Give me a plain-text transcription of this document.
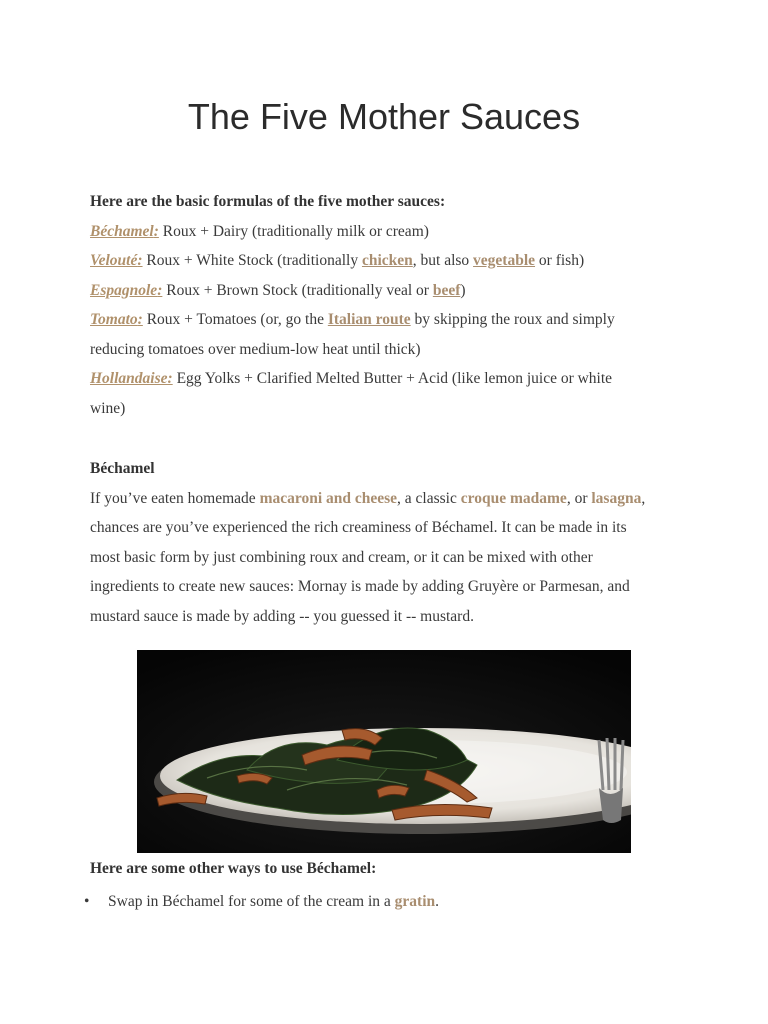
The Five Mother Sauces

Here are the basic formulas of the five mother sauces:

Béchamel: Roux + Dairy (traditionally milk or cream)

Velouté: Roux + White Stock (traditionally chicken, but also vegetable or fish)

Espagnole: Roux + Brown Stock (traditionally veal or beef)

Tomato: Roux + Tomatoes (or, go the Italian route by skipping the roux and simply

reducing tomatoes over medium-low heat until thick)

Hollandaise: Egg Yolks + Clarified Melted Butter + Acid (like lemon juice or white

wine)

Béchamel

If you’ve eaten homemade macaroni and cheese, a classic croque madame, or lasagna,

chances are you’ve experienced the rich creaminess of Béchamel. It can be made in its

most basic form by just combining roux and cream, or it can be mixed with other

ingredients to create new sauces: Mornay is made by adding Gruyère or Parmesan, and

mustard sauce is made by adding -- you guessed it -- mustard.

Here are some other ways to use Béchamel:
• Swap in Béchamel for some of the cream in a gratin.
